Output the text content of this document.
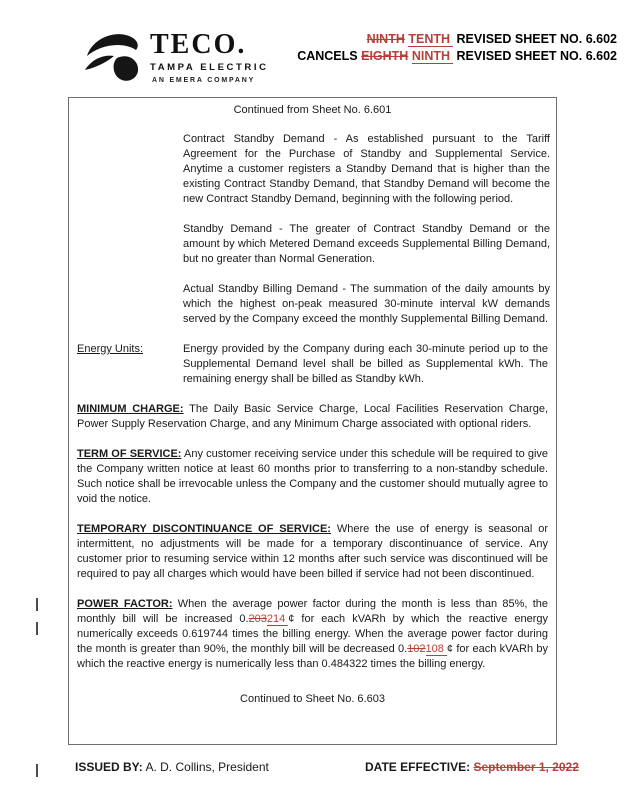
TECO.
TAMPA ELECTRIC
AN EMERA COMPANY
NINTH TENTH REVISED SHEET NO. 6.602
CANCELS EIGHTH NINTH REVISED SHEET NO. 6.602

Continued from Sheet No. 6.601

Contract Standby Demand - As established pursuant to the Tariff Agreement for the Purchase of Standby and Supplemental Service. Anytime a customer registers a Standby Demand that is higher than the existing Contract Standby Demand, that Standby Demand will become the new Contract Standby Demand, beginning with the following period.

Standby Demand - The greater of Contract Standby Demand or the amount by which Metered Demand exceeds Supplemental Billing Demand, but no greater than Normal Generation.

Actual Standby Billing Demand - The summation of the daily amounts by which the highest on-peak measured 30-minute interval kW demands served by the Company exceed the monthly Supplemental Billing Demand.

Energy Units:	Energy provided by the Company during each 30-minute period up to the Supplemental Demand level shall be billed as Supplemental kWh. The remaining energy shall be billed as Standby kWh.

MINIMUM CHARGE: The Daily Basic Service Charge, Local Facilities Reservation Charge, Power Supply Reservation Charge, and any Minimum Charge associated with optional riders.

TERM OF SERVICE: Any customer receiving service under this schedule will be required to give the Company written notice at least 60 months prior to transferring to a non-standby schedule. Such notice shall be irrevocable unless the Company and the customer should mutually agree to void the notice.

TEMPORARY DISCONTINUANCE OF SERVICE: Where the use of energy is seasonal or intermittent, no adjustments will be made for a temporary discontinuance of service. Any customer prior to resuming service within 12 months after such service was discontinued will be required to pay all charges which would have been billed if service had not been discontinued.

POWER FACTOR: When the average power factor during the month is less than 85%, the monthly bill will be increased 0.203214 ¢ for each kVARh by which the reactive energy numerically exceeds 0.619744 times the billing energy. When the average power factor during the month is greater than 90%, the monthly bill will be decreased 0.102108 ¢ for each kVARh by which the reactive energy is numerically less than 0.484322 times the billing energy.

Continued to Sheet No. 6.603

ISSUED BY: A. D. Collins, President	DATE EFFECTIVE: September 1, 2022
